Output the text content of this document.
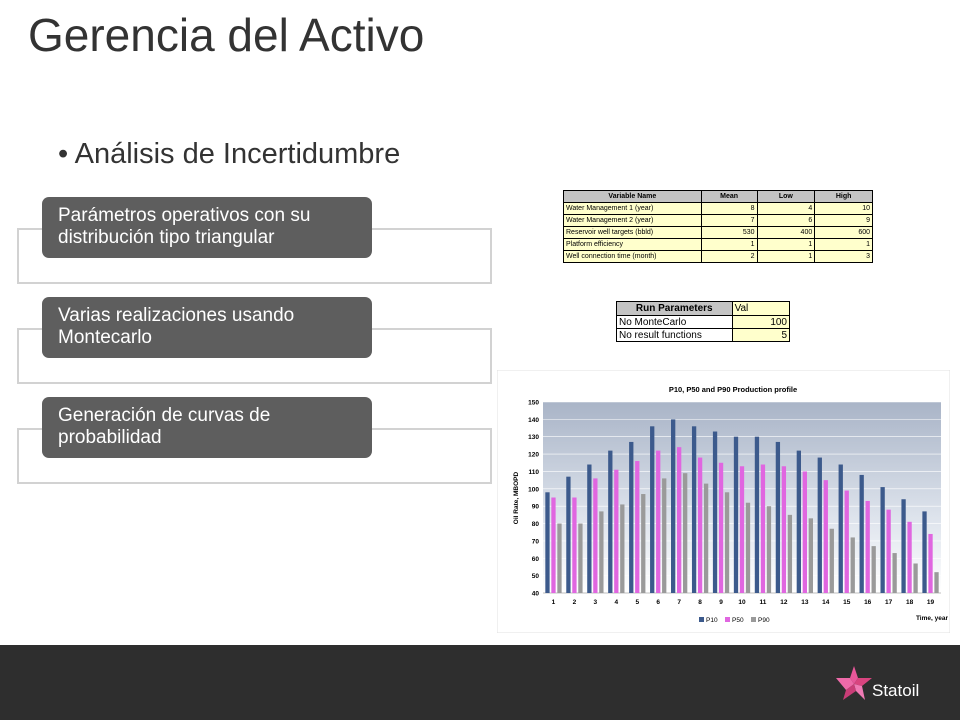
Gerencia del Activo
• Análisis de Incertidumbre
Parámetros operativos con su distribución tipo triangular
Varias realizaciones usando Montecarlo
Generación de curvas de probabilidad
Variable Name	Mean	Low	High
Water Management 1 (year)	8	4	10
Water Management 2 (year)	7	6	9
Reservoir well targets (bbld)	530	400	600
Platform efficiency	1	1	1
Well connection time (month)	2	1	3
Run Parameters	Val
No MonteCarlo	100
No result functions	5
P10, P50 and P90 Production profile
Oil Rate, MBOPD
Time, year
40
50
60
70
80
90
100
110
120
130
140
150
1	2	3	4	5	6	7	8	9 10 11 12 13 14 15 16 17 18 19
P10 P50 P90
Statoil
